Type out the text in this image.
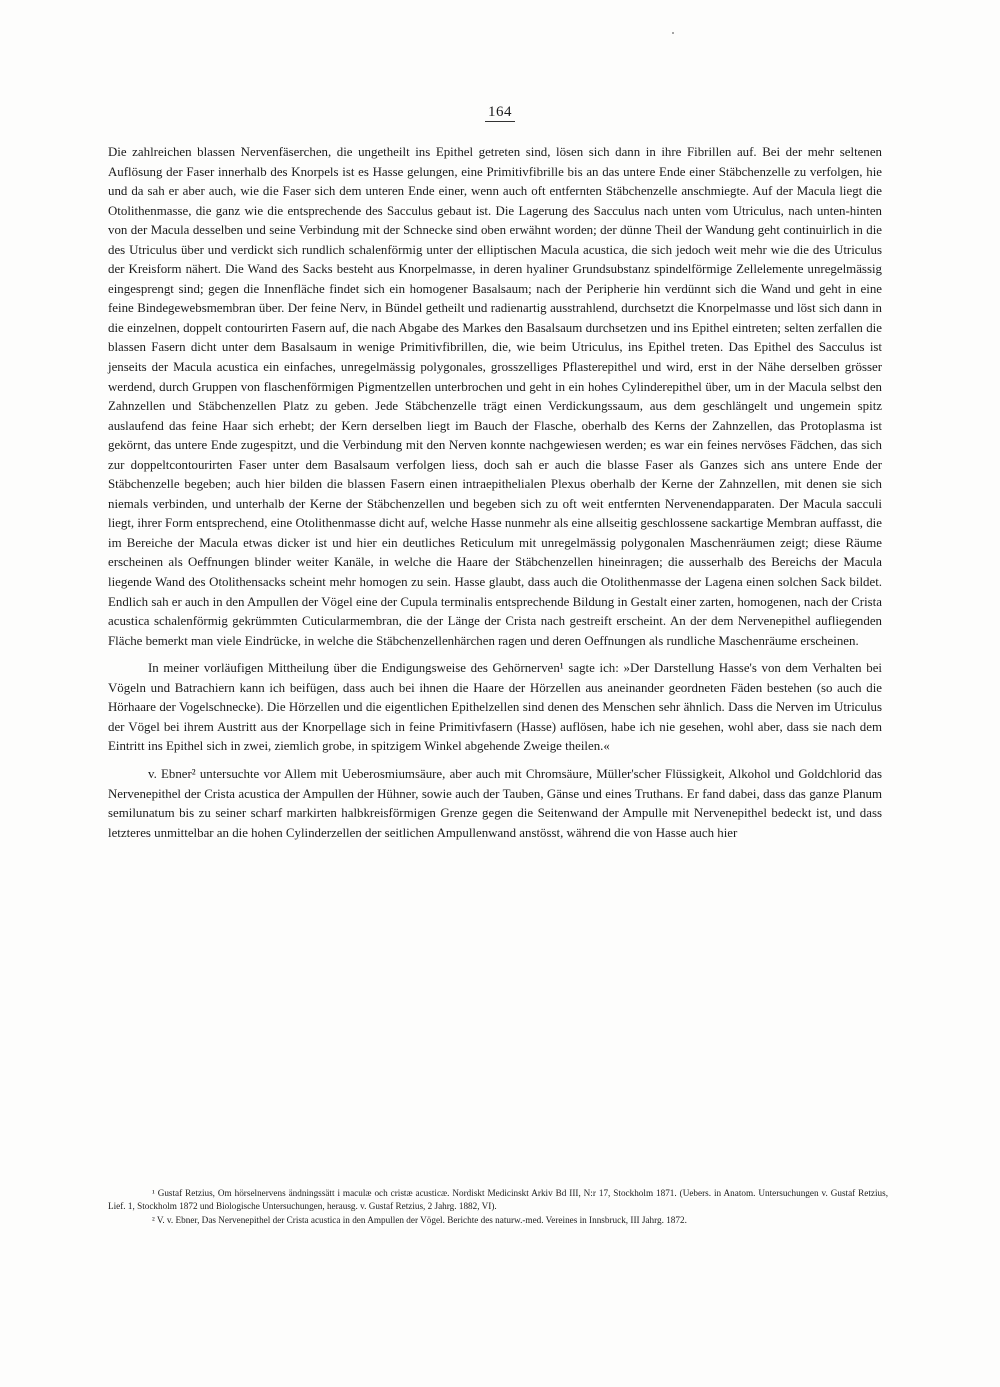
164

Die zahlreichen blassen Nervenfäserchen, die ungetheilt ins Epithel getreten sind, lösen sich dann in ihre Fibrillen auf. Bei der mehr seltenen Auflösung der Faser innerhalb des Knorpels ist es Hasse gelungen, eine Primitivfibrille bis an das untere Ende einer Stäbchenzelle zu verfolgen, hie und da sah er aber auch, wie die Faser sich dem unteren Ende einer, wenn auch oft entfernten Stäbchenzelle anschmiegte. Auf der Macula liegt die Otolithenmasse, die ganz wie die entsprechende des Sacculus gebaut ist. Die Lagerung des Sacculus nach unten vom Utriculus, nach unten-hinten von der Macula desselben und seine Verbindung mit der Schnecke sind oben erwähnt worden; der dünne Theil der Wandung geht continuirlich in die des Utriculus über und verdickt sich rundlich schalenförmig unter der elliptischen Macula acustica, die sich jedoch weit mehr wie die des Utriculus der Kreisform nähert. Die Wand des Sacks besteht aus Knorpelmasse, in deren hyaliner Grundsubstanz spindelförmige Zellelemente unregelmässig eingesprengt sind; gegen die Innenfläche findet sich ein homogener Basalsaum; nach der Peripherie hin verdünnt sich die Wand und geht in eine feine Bindegewebsmembran über. Der feine Nerv, in Bündel getheilt und radienartig ausstrahlend, durchsetzt die Knorpelmasse und löst sich dann in die einzelnen, doppelt contourirten Fasern auf, die nach Abgabe des Markes den Basalsaum durchsetzen und ins Epithel eintreten; selten zerfallen die blassen Fasern dicht unter dem Basalsaum in wenige Primitivfibrillen, die, wie beim Utriculus, ins Epithel treten. Das Epithel des Sacculus ist jenseits der Macula acustica ein einfaches, unregelmässig polygonales, grosszelliges Pflasterepithel und wird, erst in der Nähe derselben grösser werdend, durch Gruppen von flaschenförmigen Pigmentzellen unterbrochen und geht in ein hohes Cylinderepithel über, um in der Macula selbst den Zahnzellen und Stäbchenzellen Platz zu geben. Jede Stäbchenzelle trägt einen Verdickungssaum, aus dem geschlängelt und ungemein spitz auslaufend das feine Haar sich erhebt; der Kern derselben liegt im Bauch der Flasche, oberhalb des Kerns der Zahnzellen, das Protoplasma ist gekörnt, das untere Ende zugespitzt, und die Verbindung mit den Nerven konnte nachgewiesen werden; es war ein feines nervöses Fädchen, das sich zur doppeltcontourirten Faser unter dem Basalsaum verfolgen liess, doch sah er auch die blasse Faser als Ganzes sich ans untere Ende der Stäbchenzelle begeben; auch hier bilden die blassen Fasern einen intraepithelialen Plexus oberhalb der Kerne der Zahnzellen, mit denen sie sich niemals verbinden, und unterhalb der Kerne der Stäbchenzellen und begeben sich zu oft weit entfernten Nervenendapparaten. Der Macula sacculi liegt, ihrer Form entsprechend, eine Otolithenmasse dicht auf, welche Hasse nunmehr als eine allseitig geschlossene sackartige Membran auffasst, die im Bereiche der Macula etwas dicker ist und hier ein deutliches Reticulum mit unregelmässig polygonalen Maschenräumen zeigt; diese Räume erscheinen als Oeffnungen blinder weiter Kanäle, in welche die Haare der Stäbchenzellen hineinragen; die ausserhalb des Bereichs der Macula liegende Wand des Otolithensacks scheint mehr homogen zu sein. Hasse glaubt, dass auch die Otolithenmasse der Lagena einen solchen Sack bildet. Endlich sah er auch in den Ampullen der Vögel eine der Cupula terminalis entsprechende Bildung in Gestalt einer zarten, homogenen, nach der Crista acustica schalenförmig gekrümmten Cuticularmembran, die der Länge der Crista nach gestreift erscheint. An der dem Nervenepithel aufliegenden Fläche bemerkt man viele Eindrücke, in welche die Stäbchenzellenhärchen ragen und deren Oeffnungen als rundliche Maschenräume erscheinen.

In meiner vorläufigen Mittheilung über die Endigungsweise des Gehörnerven¹ sagte ich: »Der Darstellung Hasse's von dem Verhalten bei Vögeln und Batrachiern kann ich beifügen, dass auch bei ihnen die Haare der Hörzellen aus aneinander geordneten Fäden bestehen (so auch die Hörhaare der Vogelschnecke). Die Hörzellen und die eigentlichen Epithelzellen sind denen des Menschen sehr ähnlich. Dass die Nerven im Utriculus der Vögel bei ihrem Austritt aus der Knorpellage sich in feine Primitivfasern (Hasse) auflösen, habe ich nie gesehen, wohl aber, dass sie nach dem Eintritt ins Epithel sich in zwei, ziemlich grobe, in spitzigem Winkel abgehende Zweige theilen.«

v. Ebner² untersuchte vor Allem mit Ueberosmiumsäure, aber auch mit Chromsäure, Müller'scher Flüssigkeit, Alkohol und Goldchlorid das Nervenepithel der Crista acustica der Ampullen der Hühner, sowie auch der Tauben, Gänse und eines Truthans. Er fand dabei, dass das ganze Planum semilunatum bis zu seiner scharf markirten halbkreisförmigen Grenze gegen die Seitenwand der Ampulle mit Nervenepithel bedeckt ist, und dass letzteres unmittelbar an die hohen Cylinderzellen der seitlichen Ampullenwand anstösst, während die von Hasse auch hier

¹ Gustaf Retzius, Om hörselnervens ändningssätt i maculæ och cristæ acusticæ. Nordiskt Medicinskt Arkiv Bd III, N:r 17, Stockholm 1871. (Uebers. in Anatom. Untersuchungen v. Gustaf Retzius, Lief. 1, Stockholm 1872 und Biologische Untersuchungen, herausg. v. Gustaf Retzius, 2 Jahrg. 1882, VI).

² V. v. Ebner, Das Nervenepithel der Crista acustica in den Ampullen der Vögel. Berichte des naturw.-med. Vereines in Innsbruck, III Jahrg. 1872.
